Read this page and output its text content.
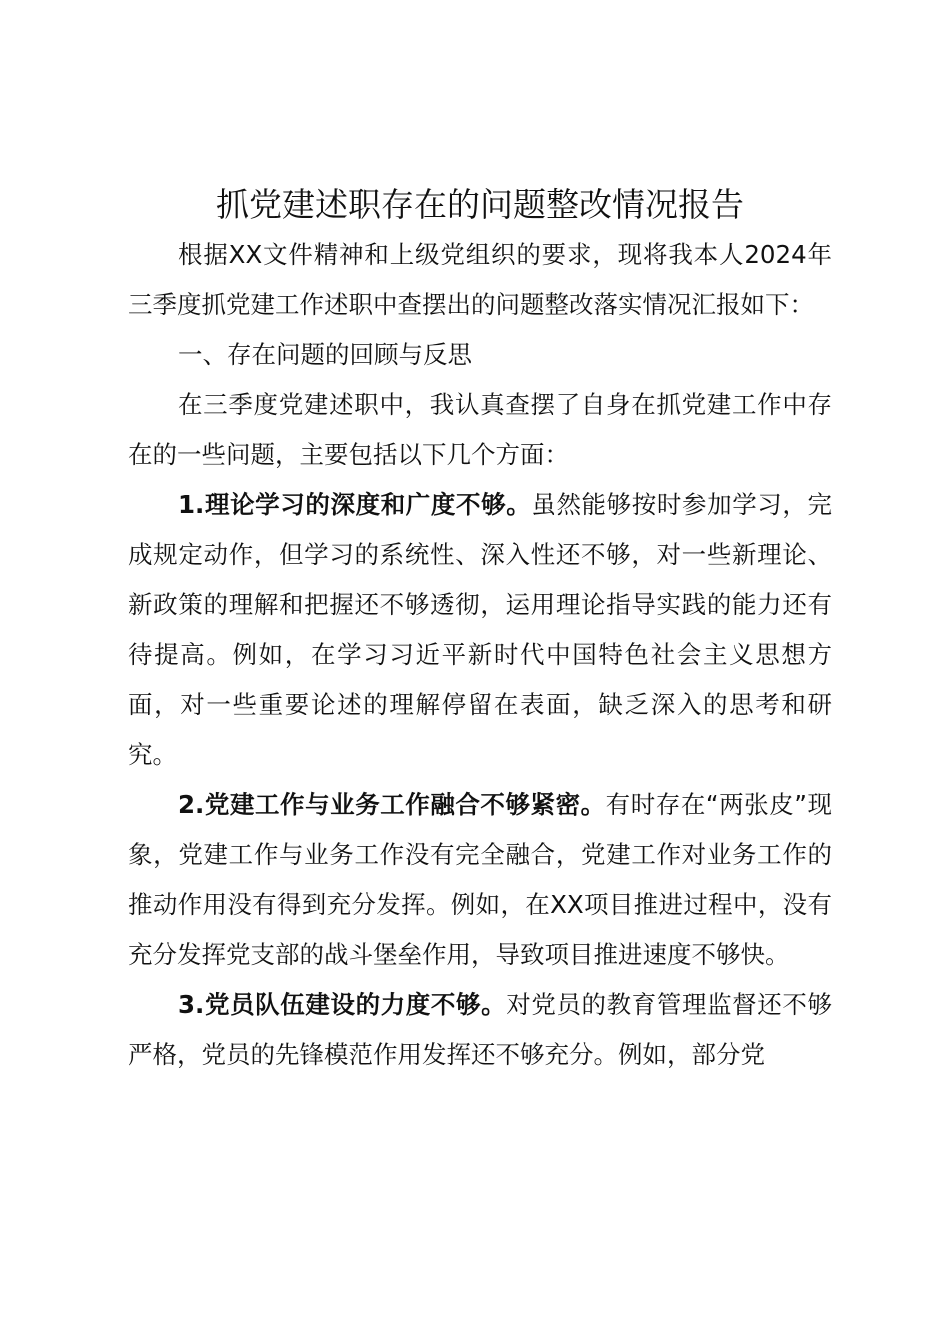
抓党建述职存在的问题整改情况报告

根据XX文件精神和上级党组织的要求，现将我本人2024年三季度抓党建工作述职中查摆出的问题整改落实情况汇报如下：

一、存在问题的回顾与反思

在三季度党建述职中，我认真查摆了自身在抓党建工作中存在的一些问题，主要包括以下几个方面：

1.理论学习的深度和广度不够。虽然能够按时参加学习，完成规定动作，但学习的系统性、深入性还不够，对一些新理论、新政策的理解和把握还不够透彻，运用理论指导实践的能力还有待提高。例如，在学习习近平新时代中国特色社会主义思想方面，对一些重要论述的理解停留在表面，缺乏深入的思考和研究。

2.党建工作与业务工作融合不够紧密。有时存在“两张皮”现象，党建工作与业务工作没有完全融合，党建工作对业务工作的推动作用没有得到充分发挥。例如，在XX项目推进过程中，没有充分发挥党支部的战斗堡垒作用，导致项目推进速度不够快。

3.党员队伍建设的力度不够。对党员的教育管理监督还不够严格，党员的先锋模范作用发挥还不够充分。例如，部分党
